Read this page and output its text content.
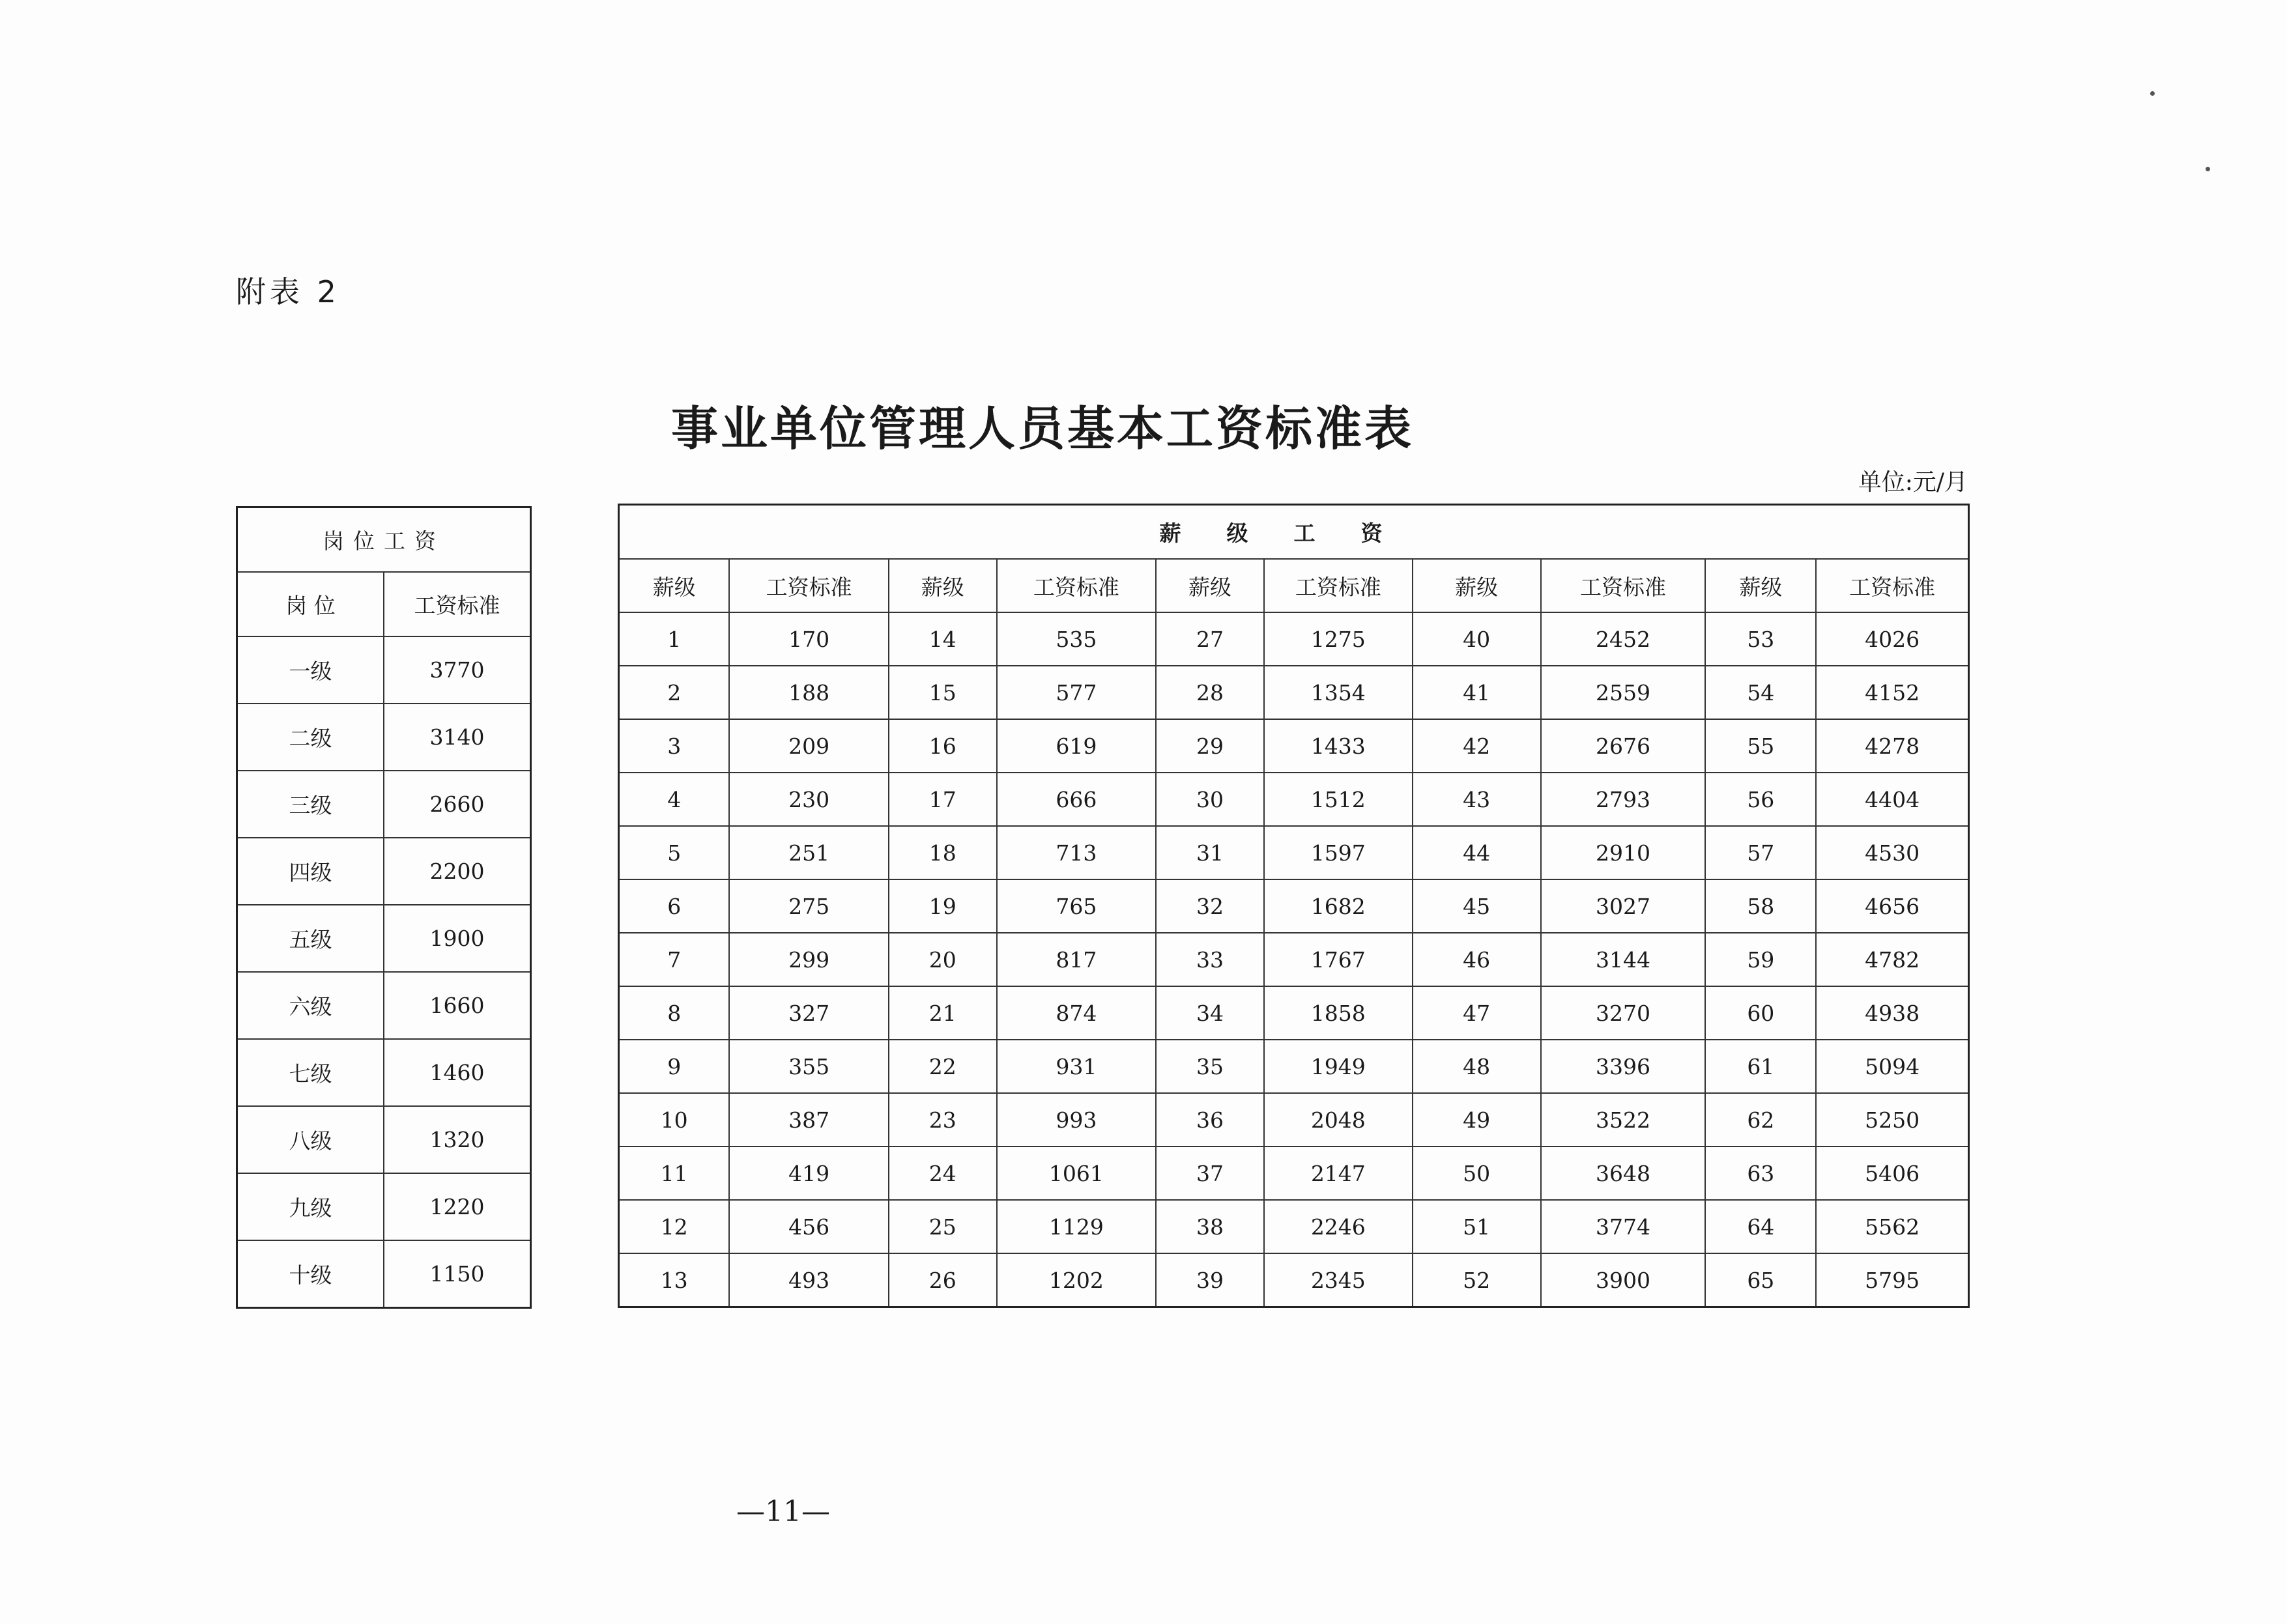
附表 2
事业单位管理人员基本工资标准表
单位:元/月
岗位工资	
岗 位	工资标准
一级	3770
二级	3140
三级	2660
四级	2200
五级	1900
六级	1660
七级	1460
八级	1320
九级	1220
十级	1150
薪级工资									
薪级	工资标准	薪级	工资标准	薪级	工资标准	薪级	工资标准	薪级	工资标准
1	170	14	535	27	1275	40	2452	53	4026
2	188	15	577	28	1354	41	2559	54	4152
3	209	16	619	29	1433	42	2676	55	4278
4	230	17	666	30	1512	43	2793	56	4404
5	251	18	713	31	1597	44	2910	57	4530
6	275	19	765	32	1682	45	3027	58	4656
7	299	20	817	33	1767	46	3144	59	4782
8	327	21	874	34	1858	47	3270	60	4938
9	355	22	931	35	1949	48	3396	61	5094
10	387	23	993	36	2048	49	3522	62	5250
11	419	24	1061	37	2147	50	3648	63	5406
12	456	25	1129	38	2246	51	3774	64	5562
13	493	26	1202	39	2345	52	3900	65	5795
—11—
